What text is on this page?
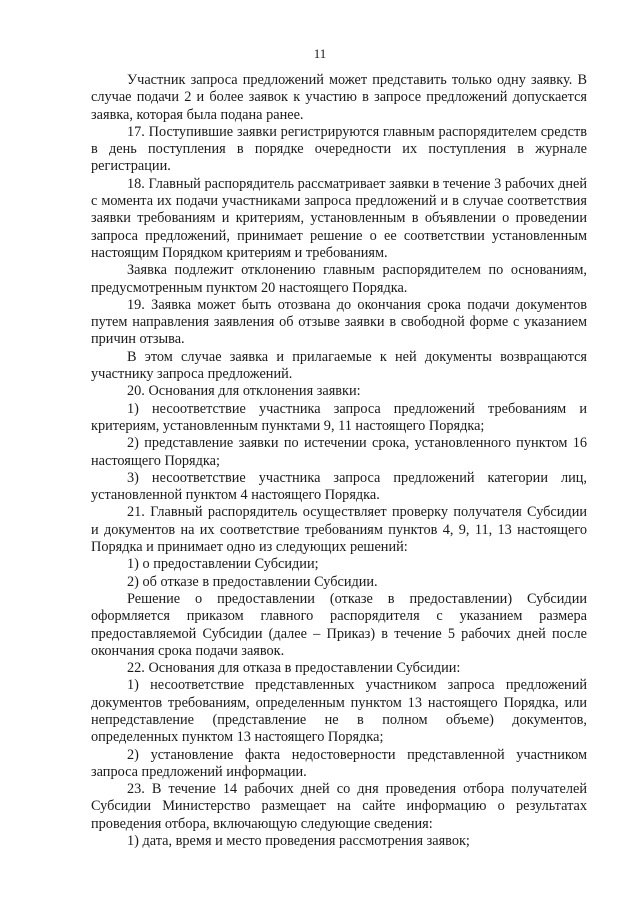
11

Участник запроса предложений может представить только одну заявку. В случае подачи 2 и более заявок к участию в запросе предложений допускается заявка, которая была подана ранее.

17. Поступившие заявки регистрируются главным распорядителем средств в день поступления в порядке очередности их поступления в журнале регистрации.

18. Главный распорядитель рассматривает заявки в течение 3 рабочих дней с момента их подачи участниками запроса предложений и в случае соответствия заявки требованиям и критериям, установленным в объявлении о проведении запроса предложений, принимает решение о ее соответствии установленным настоящим Порядком критериям и требованиям.

Заявка подлежит отклонению главным распорядителем по основаниям, предусмотренным пунктом 20 настоящего Порядка.

19. Заявка может быть отозвана до окончания срока подачи документов путем направления заявления об отзыве заявки в свободной форме с указанием причин отзыва.

В этом случае заявка и прилагаемые к ней документы возвращаются участнику запроса предложений.

20. Основания для отклонения заявки:

1) несоответствие участника запроса предложений требованиям и критериям, установленным пунктами 9, 11 настоящего Порядка;

2) представление заявки по истечении срока, установленного пунктом 16 настоящего Порядка;

3) несоответствие участника запроса предложений категории лиц, установленной пунктом 4 настоящего Порядка.

21. Главный распорядитель осуществляет проверку получателя Субсидии и документов на их соответствие требованиям пунктов 4, 9, 11, 13 настоящего Порядка и принимает одно из следующих решений:

1) о предоставлении Субсидии;

2) об отказе в предоставлении Субсидии.

Решение о предоставлении (отказе в предоставлении) Субсидии оформляется приказом главного распорядителя с указанием размера предоставляемой Субсидии (далее – Приказ) в течение 5 рабочих дней после окончания срока подачи заявок.

22. Основания для отказа в предоставлении Субсидии:

1) несоответствие представленных участником запроса предложений документов требованиям, определенным пунктом 13 настоящего Порядка, или непредставление (представление не в полном объеме) документов, определенных пунктом 13 настоящего Порядка;

2) установление факта недостоверности представленной участником запроса предложений информации.

23. В течение 14 рабочих дней со дня проведения отбора получателей Субсидии Министерство размещает на сайте информацию о результатах проведения отбора, включающую следующие сведения:

1) дата, время и место проведения рассмотрения заявок;
